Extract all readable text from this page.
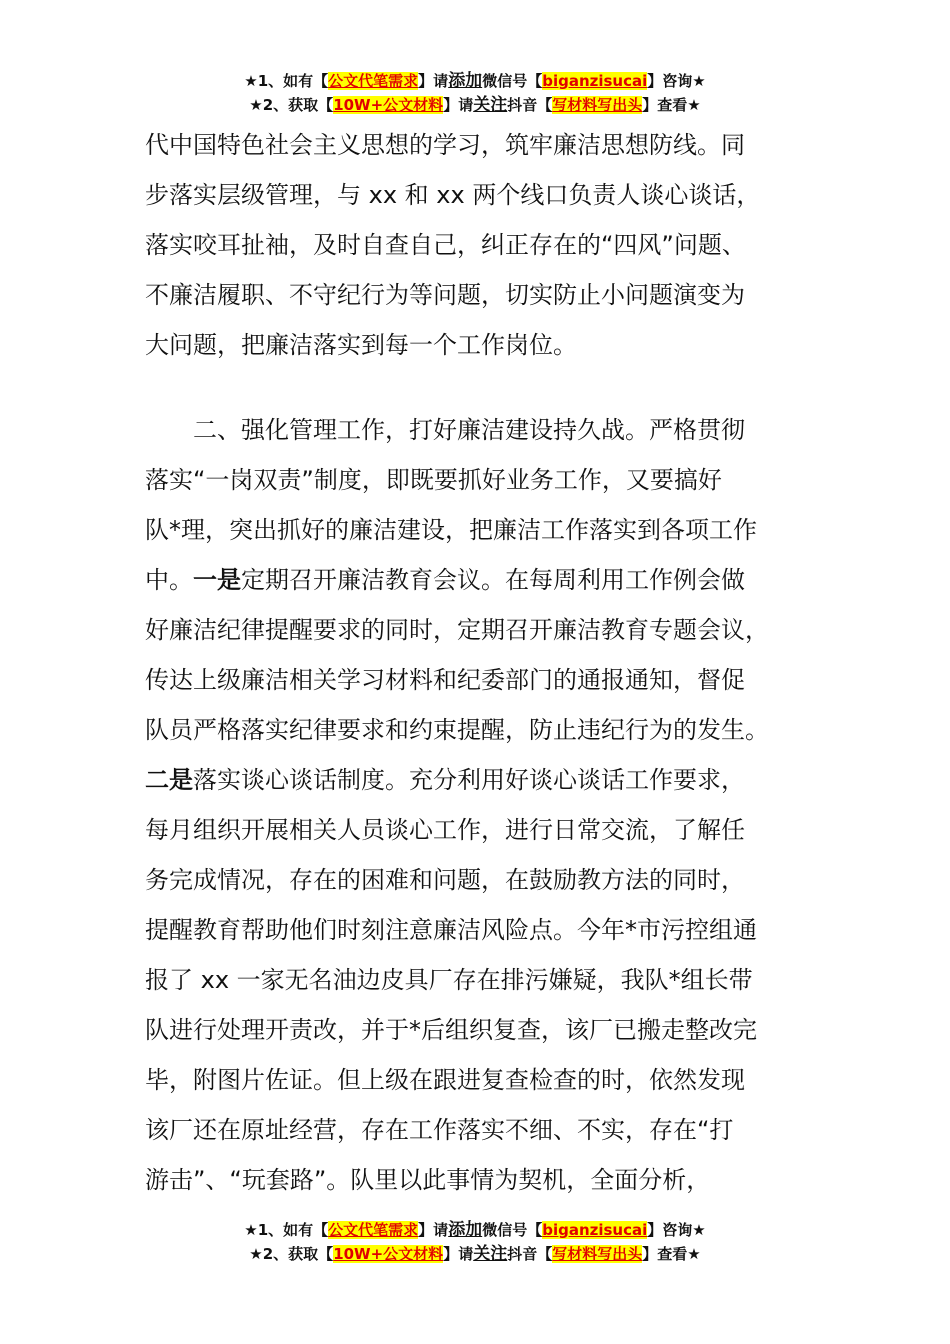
★1、如有【公文代笔需求】请添加微信号【biganzisucai】咨询★
★2、获取【10W+公文材料】请关注抖音【写材料写出头】查看★
代中国特色社会主义思想的学习，筑牢廉洁思想防线。同
步落实层级管理，与 xx 和 xx 两个线口负责人谈心谈话，
落实咬耳扯袖，及时自查自己，纠正存在的“四风”问题、
不廉洁履职、不守纪行为等问题，切实防止小问题演变为
大问题，把廉洁落实到每一个工作岗位。
　　二、强化管理工作，打好廉洁建设持久战。严格贯彻
落实“一岗双责”制度，即既要抓好业务工作，又要搞好
队*理，突出抓好的廉洁建设，把廉洁工作落实到各项工作
中。一是定期召开廉洁教育会议。在每周利用工作例会做
好廉洁纪律提醒要求的同时，定期召开廉洁教育专题会议，
传达上级廉洁相关学习材料和纪委部门的通报通知，督促
队员严格落实纪律要求和约束提醒，防止违纪行为的发生。
二是落实谈心谈话制度。充分利用好谈心谈话工作要求，
每月组织开展相关人员谈心工作，进行日常交流，了解任
务完成情况，存在的困难和问题，在鼓励教方法的同时，
提醒教育帮助他们时刻注意廉洁风险点。今年*市污控组通
报了 xx 一家无名油边皮具厂存在排污嫌疑，我队*组长带
队进行处理开责改，并于*后组织复查，该厂已搬走整改完
毕，附图片佐证。但上级在跟进复查检查的时，依然发现
该厂还在原址经营，存在工作落实不细、不实，存在“打
游击”、“玩套路”。队里以此事情为契机，全面分析，
★1、如有【公文代笔需求】请添加微信号【biganzisucai】咨询★
★2、获取【10W+公文材料】请关注抖音【写材料写出头】查看★
